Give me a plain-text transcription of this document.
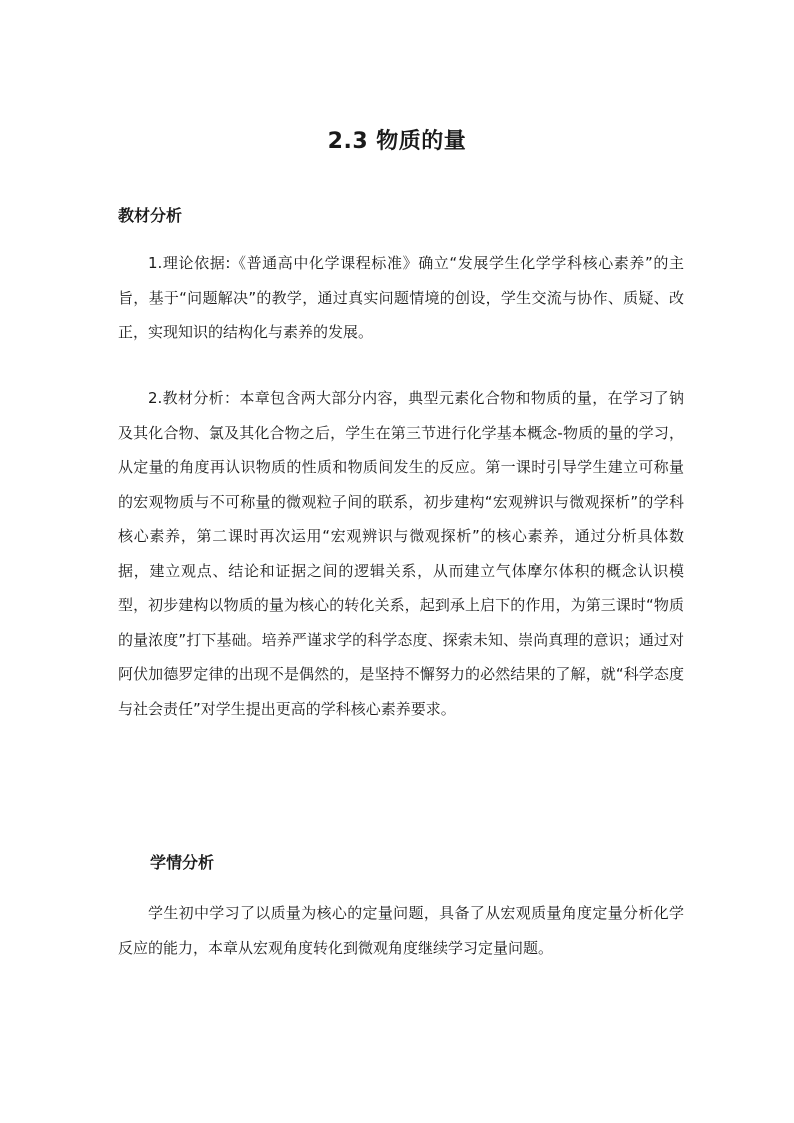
2.3 物质的量
教材分析

1.理论依据:《普通高中化学课程标准》确立“发展学生化学学科核心素养”的主旨，基于“问题解决”的教学，通过真实问题情境的创设，学生交流与协作、质疑、改正，实现知识的结构化与素养的发展。

2.教材分析：本章包含两大部分内容，典型元素化合物和物质的量，在学习了钠及其化合物、氯及其化合物之后，学生在第三节进行化学基本概念-物质的量的学习，从定量的角度再认识物质的性质和物质间发生的反应。第一课时引导学生建立可称量的宏观物质与不可称量的微观粒子间的联系，初步建构“宏观辨识与微观探析”的学科核心素养，第二课时再次运用“宏观辨识与微观探析”的核心素养，通过分析具体数据，建立观点、结论和证据之间的逻辑关系，从而建立气体摩尔体积的概念认识模型，初步建构以物质的量为核心的转化关系，起到承上启下的作用，为第三课时“物质的量浓度”打下基础。培养严谨求学的科学态度、探索未知、崇尚真理的意识；通过对阿伏加德罗定律的出现不是偶然的，是坚持不懈努力的必然结果的了解，就“科学态度与社会责任”对学生提出更高的学科核心素养要求。

学情分析

学生初中学习了以质量为核心的定量问题，具备了从宏观质量角度定量分析化学反应的能力，本章从宏观角度转化到微观角度继续学习定量问题。
